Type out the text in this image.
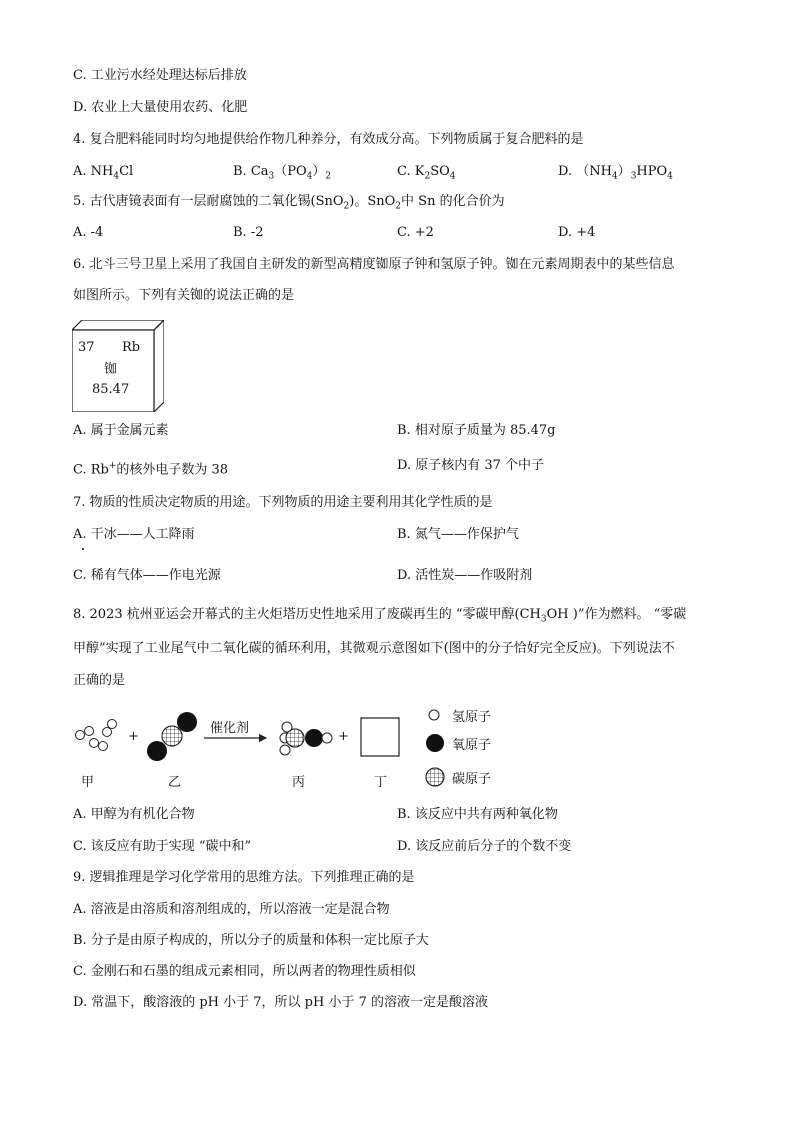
C. 工业污水经处理达标后排放
D. 农业上大量使用农药、化肥
4. 复合肥料能同时均匀地提供给作物几种养分，有效成分高。下列物质属于复合肥料的是
A. $NH_4Cl$	B. $Ca_3(PO_4)_2$	C. $K_2SO_4$	D. $(NH_4)_3HPO_4$
5. 古代唐镜表面有一层耐腐蚀的二氧化锡(SnO$_2$)。SnO$_2$中 Sn 的化合价为
A. -4	B. -2	C. +2	D. +4
6. 北斗三号卫星上采用了我国自主研发的新型高精度铷原子钟和氢原子钟。铷在元素周期表中的某些信息
如图所示。下列有关铷的说法正确的是
37 Rb
铷
85.47
A. 属于金属元素	B. 相对原子质量为 85.47g
C. Rb+的核外电子数为 38	D. 原子核内有 37 个中子
7. 物质的性质决定物质的用途。下列物质的用途主要利用其化学性质的是
A. 干冰——人工降雨	B. 氮气——作保护气
C. 稀有气体——作电光源	D. 活性炭——作吸附剂
8. 2023 杭州亚运会开幕式的主火炬塔历史性地采用了废碳再生的 “零碳甲醇($CH_3OH$ )”作为燃料。 “零碳
甲醇”实现了工业尾气中二氧化碳的循环利用，其微观示意图如下(图中的分子恰好完全反应)。下列说法不
正确的是
+
催化剂
+
甲	乙	丙	丁
氢原子
氧原子
碳原子
A. 甲醇为有机化合物	B. 该反应中共有两种氧化物
C. 该反应有助于实现 “碳中和”	D. 该反应前后分子的个数不变
9. 逻辑推理是学习化学常用的思维方法。下列推理正确的是
A. 溶液是由溶质和溶剂组成的，所以溶液一定是混合物
B. 分子是由原子构成的，所以分子的质量和体积一定比原子大
C. 金刚石和石墨的组成元素相同，所以两者的物理性质相似
D. 常温下，酸溶液的 pH 小于 7，所以 pH 小于 7 的溶液一定是酸溶液
